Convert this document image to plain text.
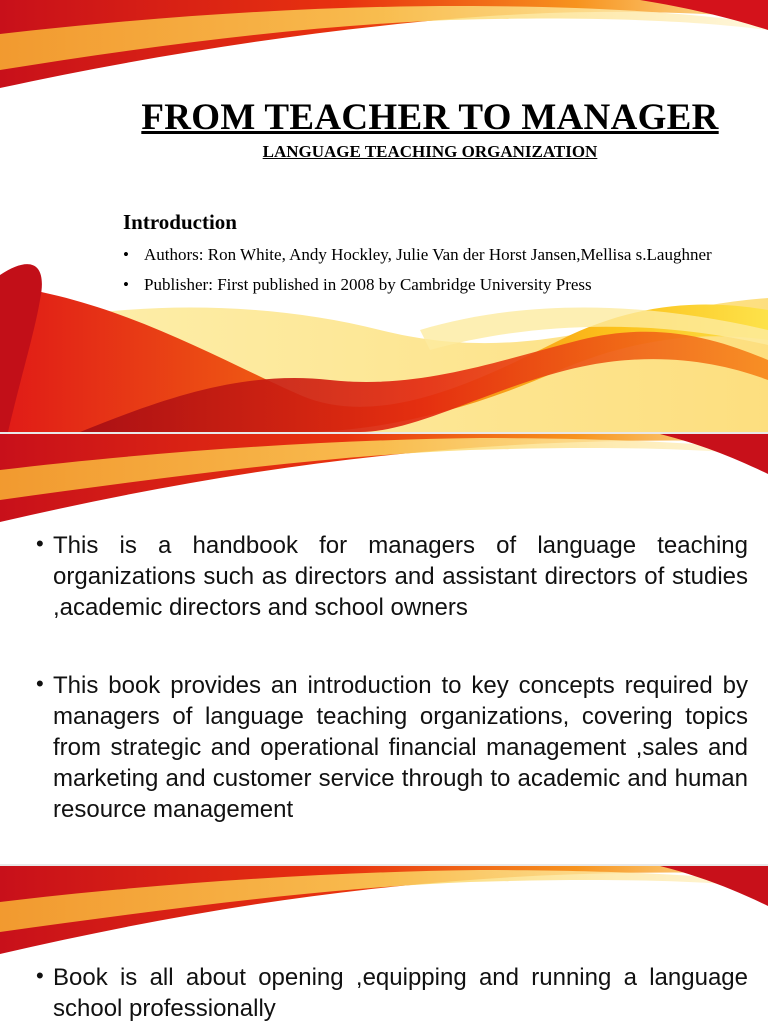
FROM TEACHER TO MANAGER
LANGUAGE TEACHING ORGANIZATION
Introduction
• Authors: Ron White, Andy Hockley, Julie Van der Horst Jansen,Mellisa s.Laughner
• Publisher: First published in 2008 by Cambridge University Press
• This is a handbook for managers of language teaching organizations such as directors and assistant directors of studies ,academic directors and school owners
• This book provides an introduction to key concepts required by managers of language teaching organizations, covering topics from strategic and operational financial management ,sales and marketing and customer service through to academic and human resource management
• Book is all about opening ,equipping and running a language school professionally
